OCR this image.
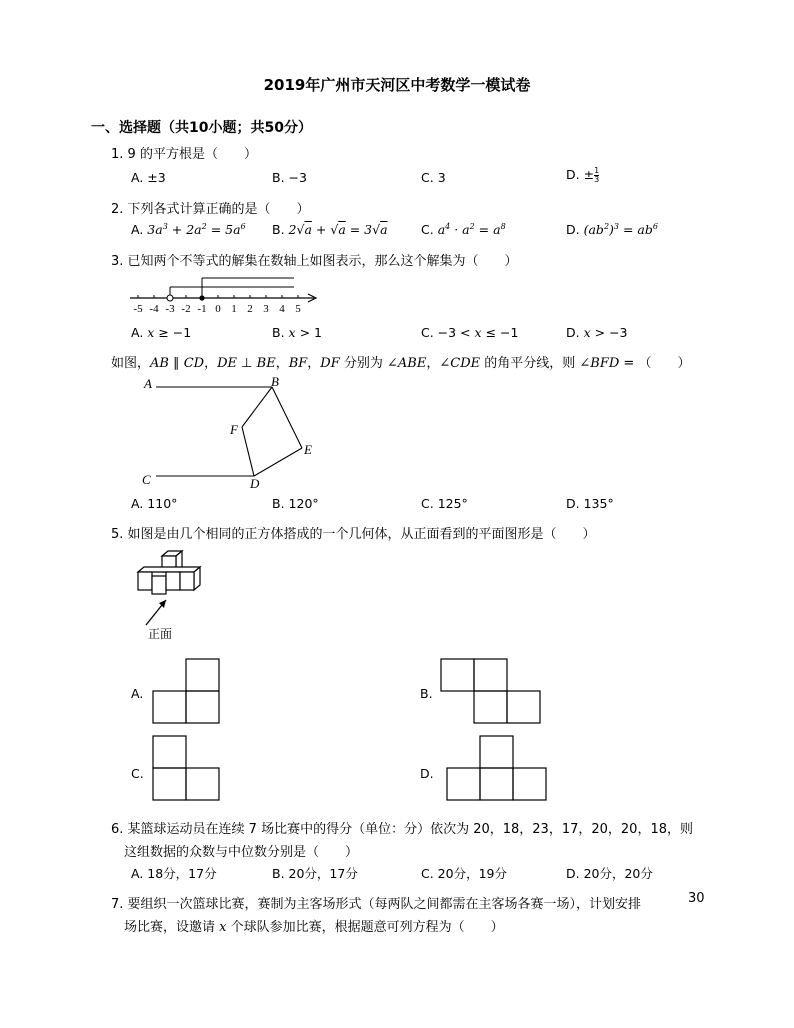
2019年广州市天河区中考数学一模试卷
一、选择题（共10小题；共50分）
1. 9 的平方根是（　　）
A. ±3	B. −3	C. 3	D. ± $\frac{1}{3}$
2. 下列各式计算正确的是（　　）
A. $3a^3 + 2a^2 = 5a^6$ B. 2√a + √a = 3√a	C. $a^4 \cdot a^2 = a^8$	D. $(ab^2)^3 = ab^6$
3. 已知两个不等式的解集在数轴上如图表示，那么这个解集为（　　）
-5 -4 -3 -2 -1 0 1 2 3 4 5
A. x ≥ −1	B. x > 1	C. −3 < x ≤ −1	D. x > −3
如图，AB ∥ CD，DE ⊥ BE，BF，DF 分别为 ∠ABE，∠CDE 的角平分线，则 ∠BFD = （　　）
A	B
C	D
E
F
A. 110°	B. 120°	C. 125°	D. 135°
5. 如图是由几个相同的正方体搭成的一个几何体，从正面看到的平面图形是（　　）
正面
A.	B.
C.	D.
6. 某篮球运动员在连续 7 场比赛中的得分（单位：分）依次为 20，18，23，17，20，20，18，则
这组数据的众数与中位数分别是（　　）
A. 18分，17分	B. 20分，17分	C. 20分，19分	D. 20分，20分
7. 要组织一次篮球比赛，赛制为主客场形式（每两队之间都需在主客场各赛一场），计划安排	30
场比赛，设邀请 x 个球队参加比赛，根据题意可列方程为（　　）
